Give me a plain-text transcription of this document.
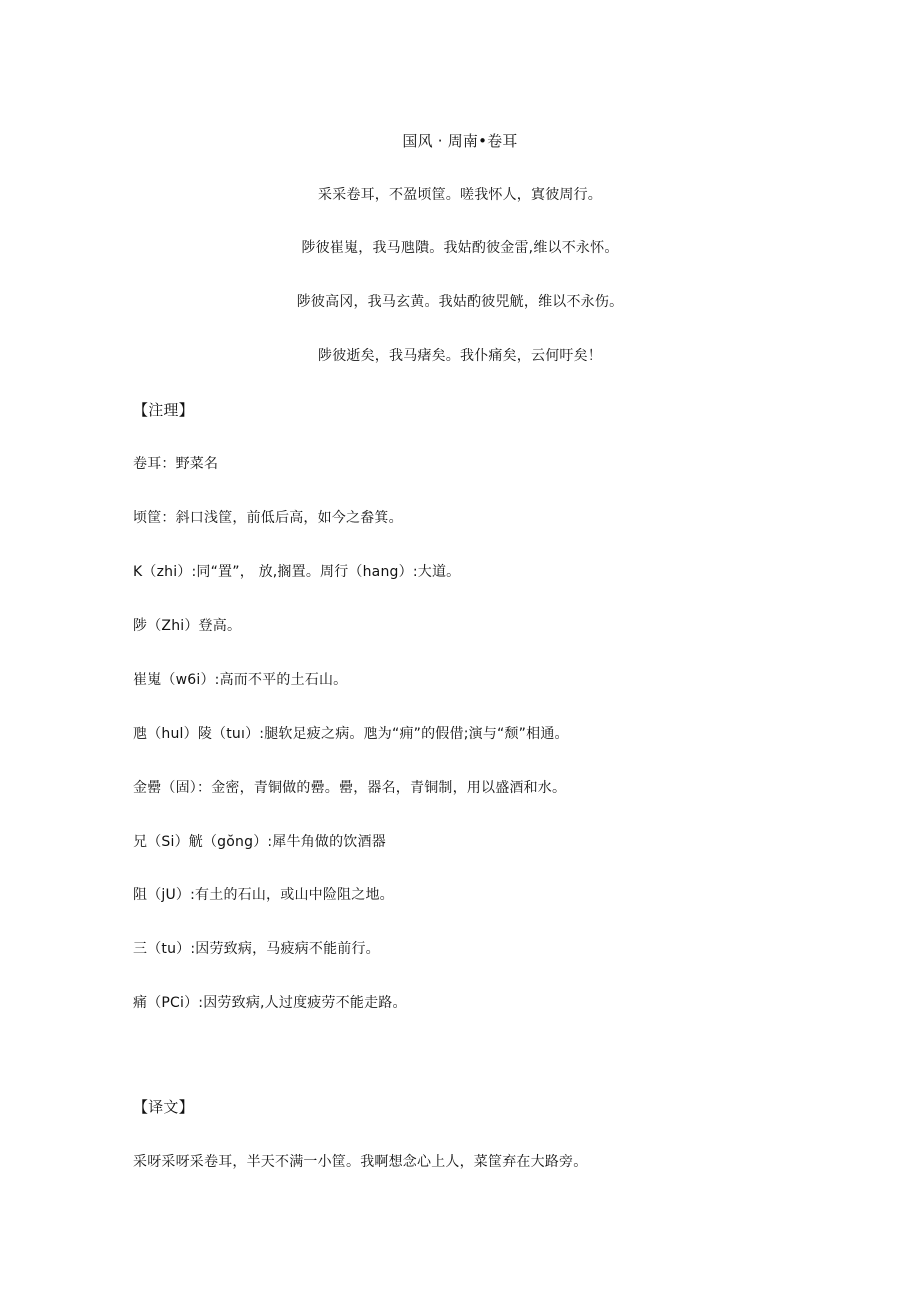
国风 · 周南•卷耳
采采卷耳，不盈顷筐。嗟我怀人，寘彼周行。
陟彼崔嵬，我马虺隤。我姑酌彼金雷,维以不永怀。
陟彼高冈，我马玄黄。我姑酌彼兕觥，维以不永伤。
陟彼逝矣，我马瘏矣。我仆痛矣，云何吁矣！
【注理】
卷耳：野菜名
顷筐：斜口浅筐，前低后高，如今之畚箕。
K（zhi）:同“置”， 放,搁置。周行（hang）:大道。
陟（Zhi）登高。
崔嵬（w6i）:高而不平的土石山。
虺（hul）陵（tuı）:腿软足疲之病。虺为“痈”的假借;演与“颓”相通。
金罍（固）：金密，青铜做的罍。罍，器名，青铜制，用以盛酒和水。
兄（Si）觥（gŏng）:犀牛角做的饮酒器
阻（jU）:有土的石山，或山中险阻之地。
三（tu）:因劳致病，马疲病不能前行。
痛（PCi）:因劳致病,人过度疲劳不能走路。
【译文】
采呀采呀采卷耳，半天不满一小筐。我啊想念心上人，菜筐弃在大路旁。
